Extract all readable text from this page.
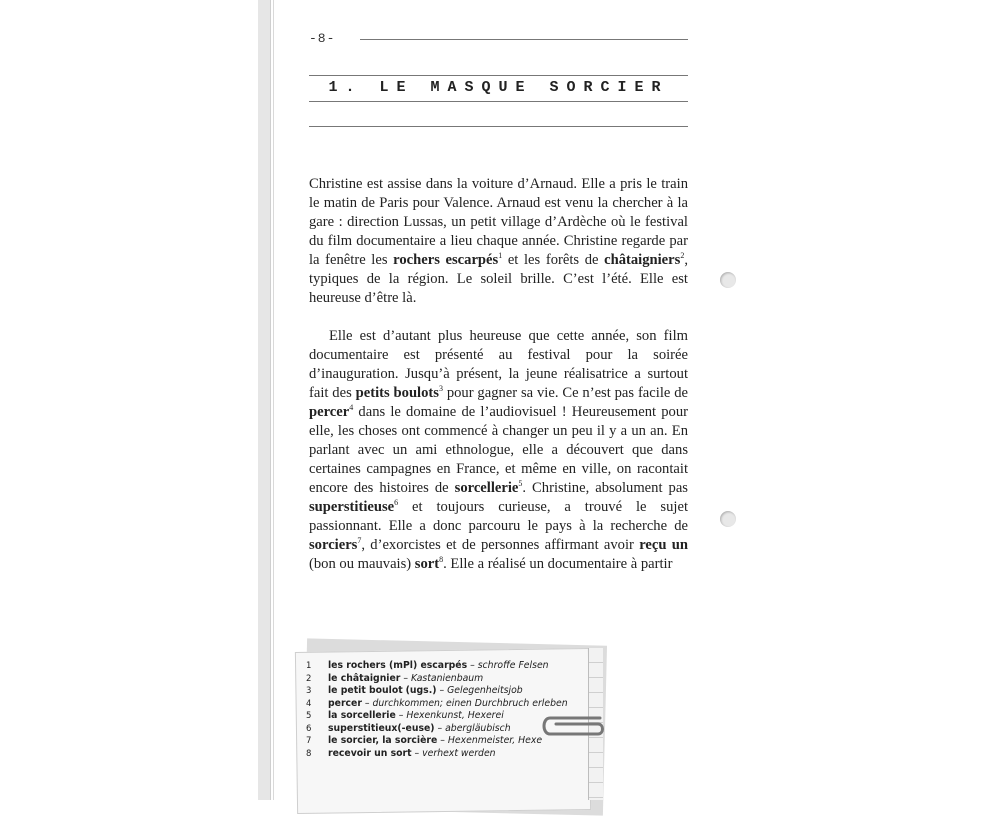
-8-
1. LE MASQUE SORCIER

Christine est assise dans la voiture d’Arnaud. Elle a pris le train le matin de Paris pour Valence. Arnaud est venu la chercher à la gare : direction Lussas, un petit village d’Ardèche où le festival du film documentaire a lieu chaque année. Christine regarde par la fenêtre les rochers escarpés$^1$ et les forêts de châtaigniers$^2$, typiques de la région. Le soleil brille. C’est l’été. Elle est heureuse d’être là.

Elle est d’autant plus heureuse que cette année, son film documentaire est présenté au festival pour la soirée d’inauguration. Jusqu’à présent, la jeune réalisatrice a surtout fait des petits boulots$^3$ pour gagner sa vie. Ce n’est pas facile de percer$^4$ dans le domaine de l’audiovisuel ! Heureusement pour elle, les choses ont commencé à changer un peu il y a un an. En parlant avec un ami ethnologue, elle a découvert que dans certaines campagnes en France, et même en ville, on racontait encore des histoires de sorcellerie$^5$. Christine, absolument pas superstitieuse$^6$ et toujours curieuse, a trouvé le sujet passionnant. Elle a donc parcouru le pays à la recherche de sorciers$^7$, d’exorcistes et de personnes affirmant avoir reçu un (bon ou mauvais) sort$^8$. Elle a réalisé un documentaire à partir

1 les rochers (mPl) escarpés – schroffe Felsen
2 le châtaignier – Kastanienbaum
3 le petit boulot (ugs.) – Gelegenheitsjob
4 percer – durchkommen; einen Durchbruch erleben
5 la sorcellerie – Hexenkunst, Hexerei
6 superstitieux(-euse) – abergläubisch
7 le sorcier, la sorcière – Hexenmeister, Hexe
8 recevoir un sort – verhext werden
